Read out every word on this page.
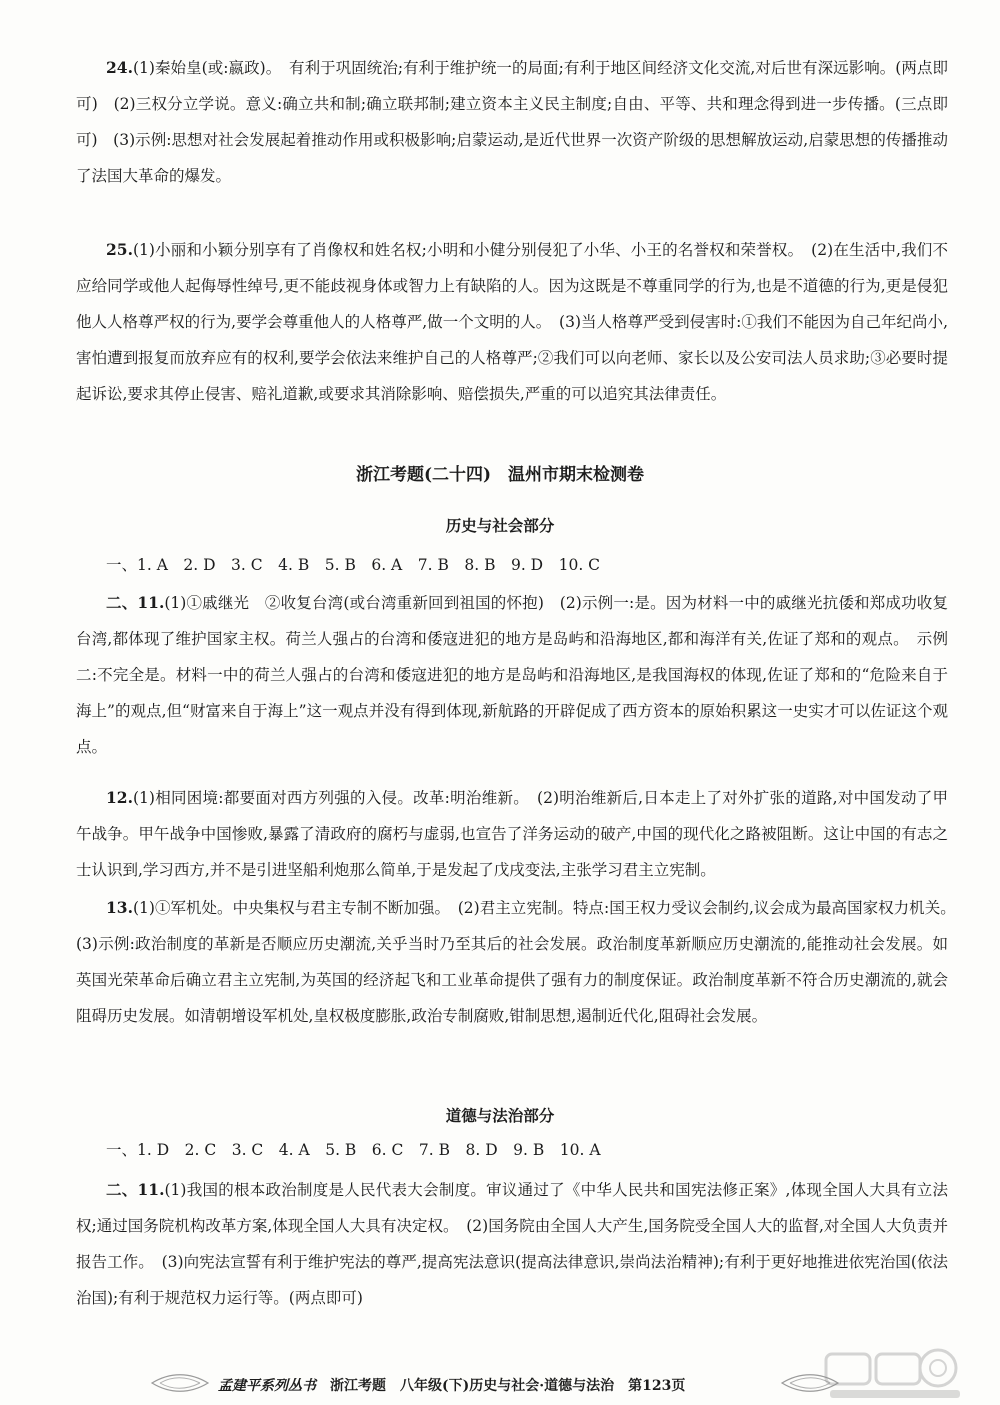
24.(1)秦始皇(或:嬴政)。　有利于巩固统治;有利于维护统一的局面;有利于地区间经济文化交流,对后世有深远影响。(两点即可)　(2)三权分立学说。意义:确立共和制;确立联邦制;建立资本主义民主制度;自由、平等、共和理念得到进一步传播。(三点即可)　(3)示例:思想对社会发展起着推动作用或积极影响;启蒙运动,是近代世界一次资产阶级的思想解放运动,启蒙思想的传播推动了法国大革命的爆发。

25.(1)小丽和小颖分别享有了肖像权和姓名权;小明和小健分别侵犯了小华、小王的名誉权和荣誉权。　(2)在生活中,我们不应给同学或他人起侮辱性绰号,更不能歧视身体或智力上有缺陷的人。因为这既是不尊重同学的行为,也是不道德的行为,更是侵犯他人人格尊严权的行为,要学会尊重他人的人格尊严,做一个文明的人。　(3)当人格尊严受到侵害时:①我们不能因为自己年纪尚小,害怕遭到报复而放弃应有的权利,要学会依法来维护自己的人格尊严;②我们可以向老师、家长以及公安司法人员求助;③必要时提起诉讼,要求其停止侵害、赔礼道歉,或要求其消除影响、赔偿损失,严重的可以追究其法律责任。

浙江考题(二十四)　温州市期末检测卷

历史与社会部分

一、1. A　2. D　3. C　4. B　5. B　6. A　7. B　8. B　9. D　10. C

二、11.(1)①戚继光　②收复台湾(或台湾重新回到祖国的怀抱)　(2)示例一:是。因为材料一中的戚继光抗倭和郑成功收复台湾,都体现了维护国家主权。荷兰人强占的台湾和倭寇进犯的地方是岛屿和沿海地区,都和海洋有关,佐证了郑和的观点。　示例二:不完全是。材料一中的荷兰人强占的台湾和倭寇进犯的地方是岛屿和沿海地区,是我国海权的体现,佐证了郑和的“危险来自于海上”的观点,但“财富来自于海上”这一观点并没有得到体现,新航路的开辟促成了西方资本的原始积累这一史实才可以佐证这个观点。

12.(1)相同困境:都要面对西方列强的入侵。改革:明治维新。　(2)明治维新后,日本走上了对外扩张的道路,对中国发动了甲午战争。甲午战争中国惨败,暴露了清政府的腐朽与虚弱,也宣告了洋务运动的破产,中国的现代化之路被阻断。这让中国的有志之士认识到,学习西方,并不是引进坚船利炮那么简单,于是发起了戊戌变法,主张学习君主立宪制。

13.(1)①军机处。中央集权与君主专制不断加强。　(2)君主立宪制。特点:国王权力受议会制约,议会成为最高国家权力机关。　(3)示例:政治制度的革新是否顺应历史潮流,关乎当时乃至其后的社会发展。政治制度革新顺应历史潮流的,能推动社会发展。如英国光荣革命后确立君主立宪制,为英国的经济起飞和工业革命提供了强有力的制度保证。政治制度革新不符合历史潮流的,就会阻碍历史发展。如清朝增设军机处,皇权极度膨胀,政治专制腐败,钳制思想,遏制近代化,阻碍社会发展。

道德与法治部分

一、1. D　2. C　3. C　4. A　5. B　6. C　7. B　8. D　9. B　10. A

二、11.(1)我国的根本政治制度是人民代表大会制度。审议通过了《中华人民共和国宪法修正案》,体现全国人大具有立法权;通过国务院机构改革方案,体现全国人大具有决定权。　(2)国务院由全国人大产生,国务院受全国人大的监督,对全国人大负责并报告工作。　(3)向宪法宣誓有利于维护宪法的尊严,提高宪法意识(提高法律意识,崇尚法治精神);有利于更好地推进依宪治国(依法治国);有利于规范权力运行等。(两点即可)

孟建平系列丛书 浙江考题 八年级(下)历史与社会·道德与法治 第123页
